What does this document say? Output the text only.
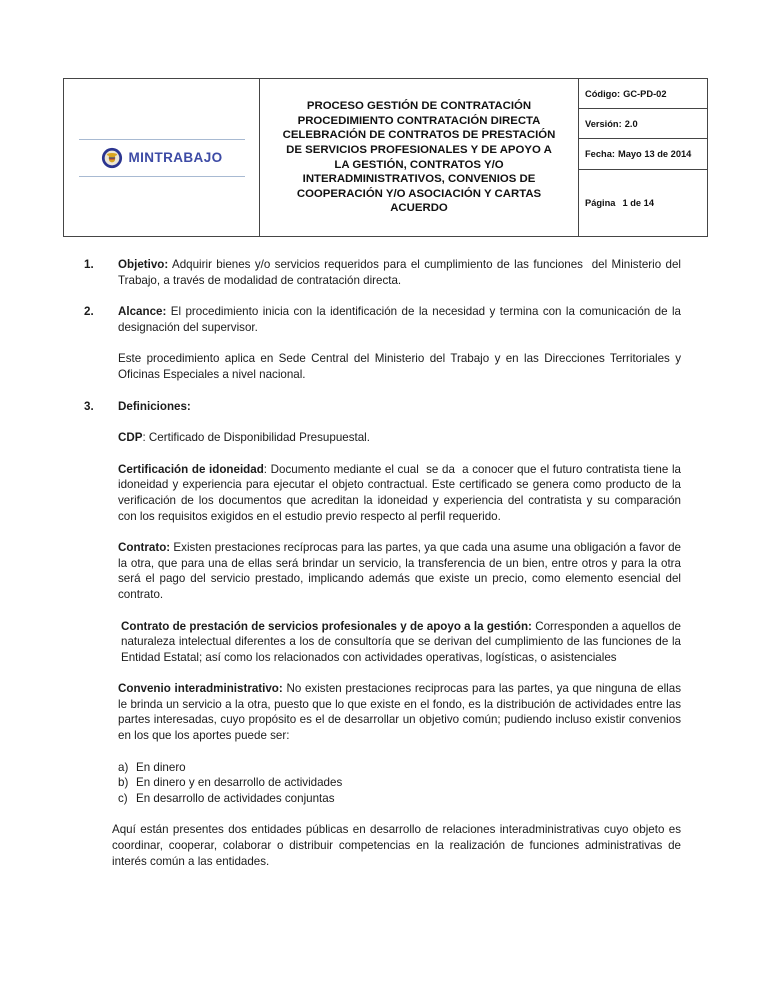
MINTRABAJO
PROCESO GESTIÓN DE CONTRATACIÓN
PROCEDIMIENTO CONTRATACIÓN DIRECTA
CELEBRACIÓN DE CONTRATOS DE PRESTACIÓN
DE SERVICIOS PROFESIONALES Y DE APOYO A
LA GESTIÓN, CONTRATOS Y/O
INTERADMINISTRATIVOS, CONVENIOS DE
COOPERACIÓN Y/O ASOCIACIÓN Y CARTAS
ACUERDO
Código: GC-PD-02
Versión: 2.0
Fecha: Mayo 13 de 2014
Página 1 de 14
1.	Objetivo: Adquirir bienes y/o servicios requeridos para el cumplimiento de las funciones  del Ministerio del Trabajo, a través de modalidad de contratación directa.
2.	Alcance: El procedimiento inicia con la identificación de la necesidad y termina con la comunicación de la designación del supervisor.
Este procedimiento aplica en Sede Central del Ministerio del Trabajo y en las Direcciones Territoriales y Oficinas Especiales a nivel nacional.
3.	Definiciones:
CDP: Certificado de Disponibilidad Presupuestal.
Certificación de idoneidad: Documento mediante el cual  se da  a conocer que el futuro contratista tiene la idoneidad y experiencia para ejecutar el objeto contractual. Este certificado se genera como producto de la  verificación de los documentos que acreditan la idoneidad y experiencia del contratista y su comparación  con los requisitos exigidos en el estudio previo respecto al perfil requerido.
Contrato: Existen prestaciones recíprocas para las partes, ya que cada una asume una obligación a favor de la otra, que para una de ellas será brindar un servicio, la transferencia de un bien, entre otros y para la otra será el pago del servicio prestado, implicando además que existe un precio, como elemento esencial del contrato.
Contrato de prestación de servicios profesionales y de apoyo a la gestión: Corresponden a aquellos de naturaleza intelectual diferentes a los de consultoría que se derivan del cumplimiento de las funciones de la Entidad Estatal; así como los relacionados con actividades operativas, logísticas, o asistenciales
Convenio interadministrativo: No existen prestaciones reciprocas para las partes, ya que ninguna de ellas le brinda un servicio a la otra, puesto que lo que existe en el fondo, es la distribución de actividades entre las partes interesadas, cuyo propósito es el de desarrollar un objetivo común; pudiendo incluso existir convenios en los que los aportes puede ser:
a) En dinero
b) En dinero y en desarrollo de actividades
c) En desarrollo de actividades conjuntas
Aquí están presentes dos entidades públicas en desarrollo de relaciones interadministrativas cuyo objeto es coordinar, cooperar, colaborar o distribuir competencias en la realización de funciones administrativas de interés común a las entidades.
